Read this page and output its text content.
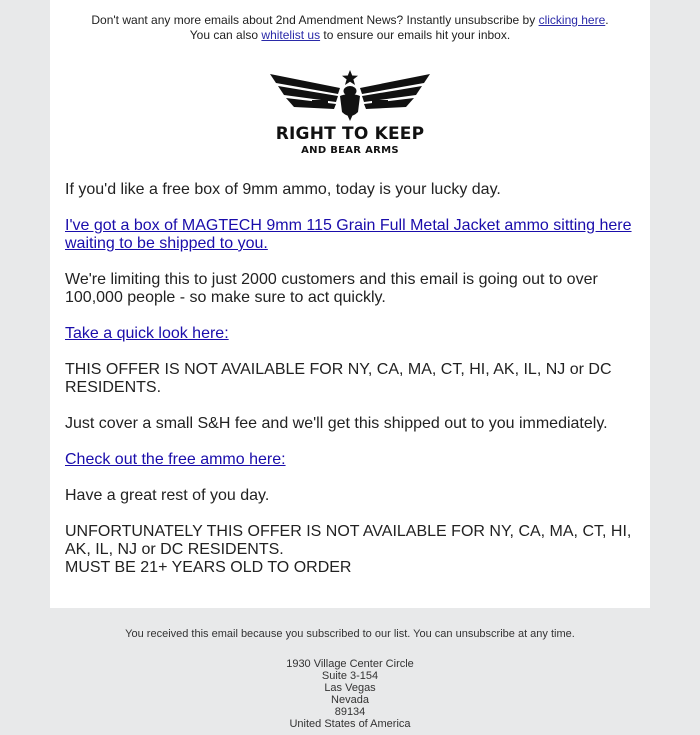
Don't want any more emails about 2nd Amendment News? Instantly unsubscribe by clicking here.
You can also whitelist us to ensure our emails hit your inbox.
RIGHT TO KEEP
AND BEAR ARMS

If you'd like a free box of 9mm ammo, today is your lucky day.

I've got a box of MAGTECH 9mm 115 Grain Full Metal Jacket ammo sitting here waiting to be shipped to you.

We're limiting this to just 2000 customers and this email is going out to over 100,000 people - so make sure to act quickly.

Take a quick look here:

THIS OFFER IS NOT AVAILABLE FOR NY, CA, MA, CT, HI, AK, IL, NJ or DC RESIDENTS.

Just cover a small S&H fee and we'll get this shipped out to you immediately.

Check out the free ammo here:

Have a great rest of you day.

UNFORTUNATELY THIS OFFER IS NOT AVAILABLE FOR NY, CA, MA, CT, HI, AK, IL, NJ or DC RESIDENTS.

MUST BE 21+ YEARS OLD TO ORDER

You received this email because you subscribed to our list. You can unsubscribe at any time.
1930 Village Center Circle
Suite 3-154
Las Vegas
Nevada
89134
United States of America
